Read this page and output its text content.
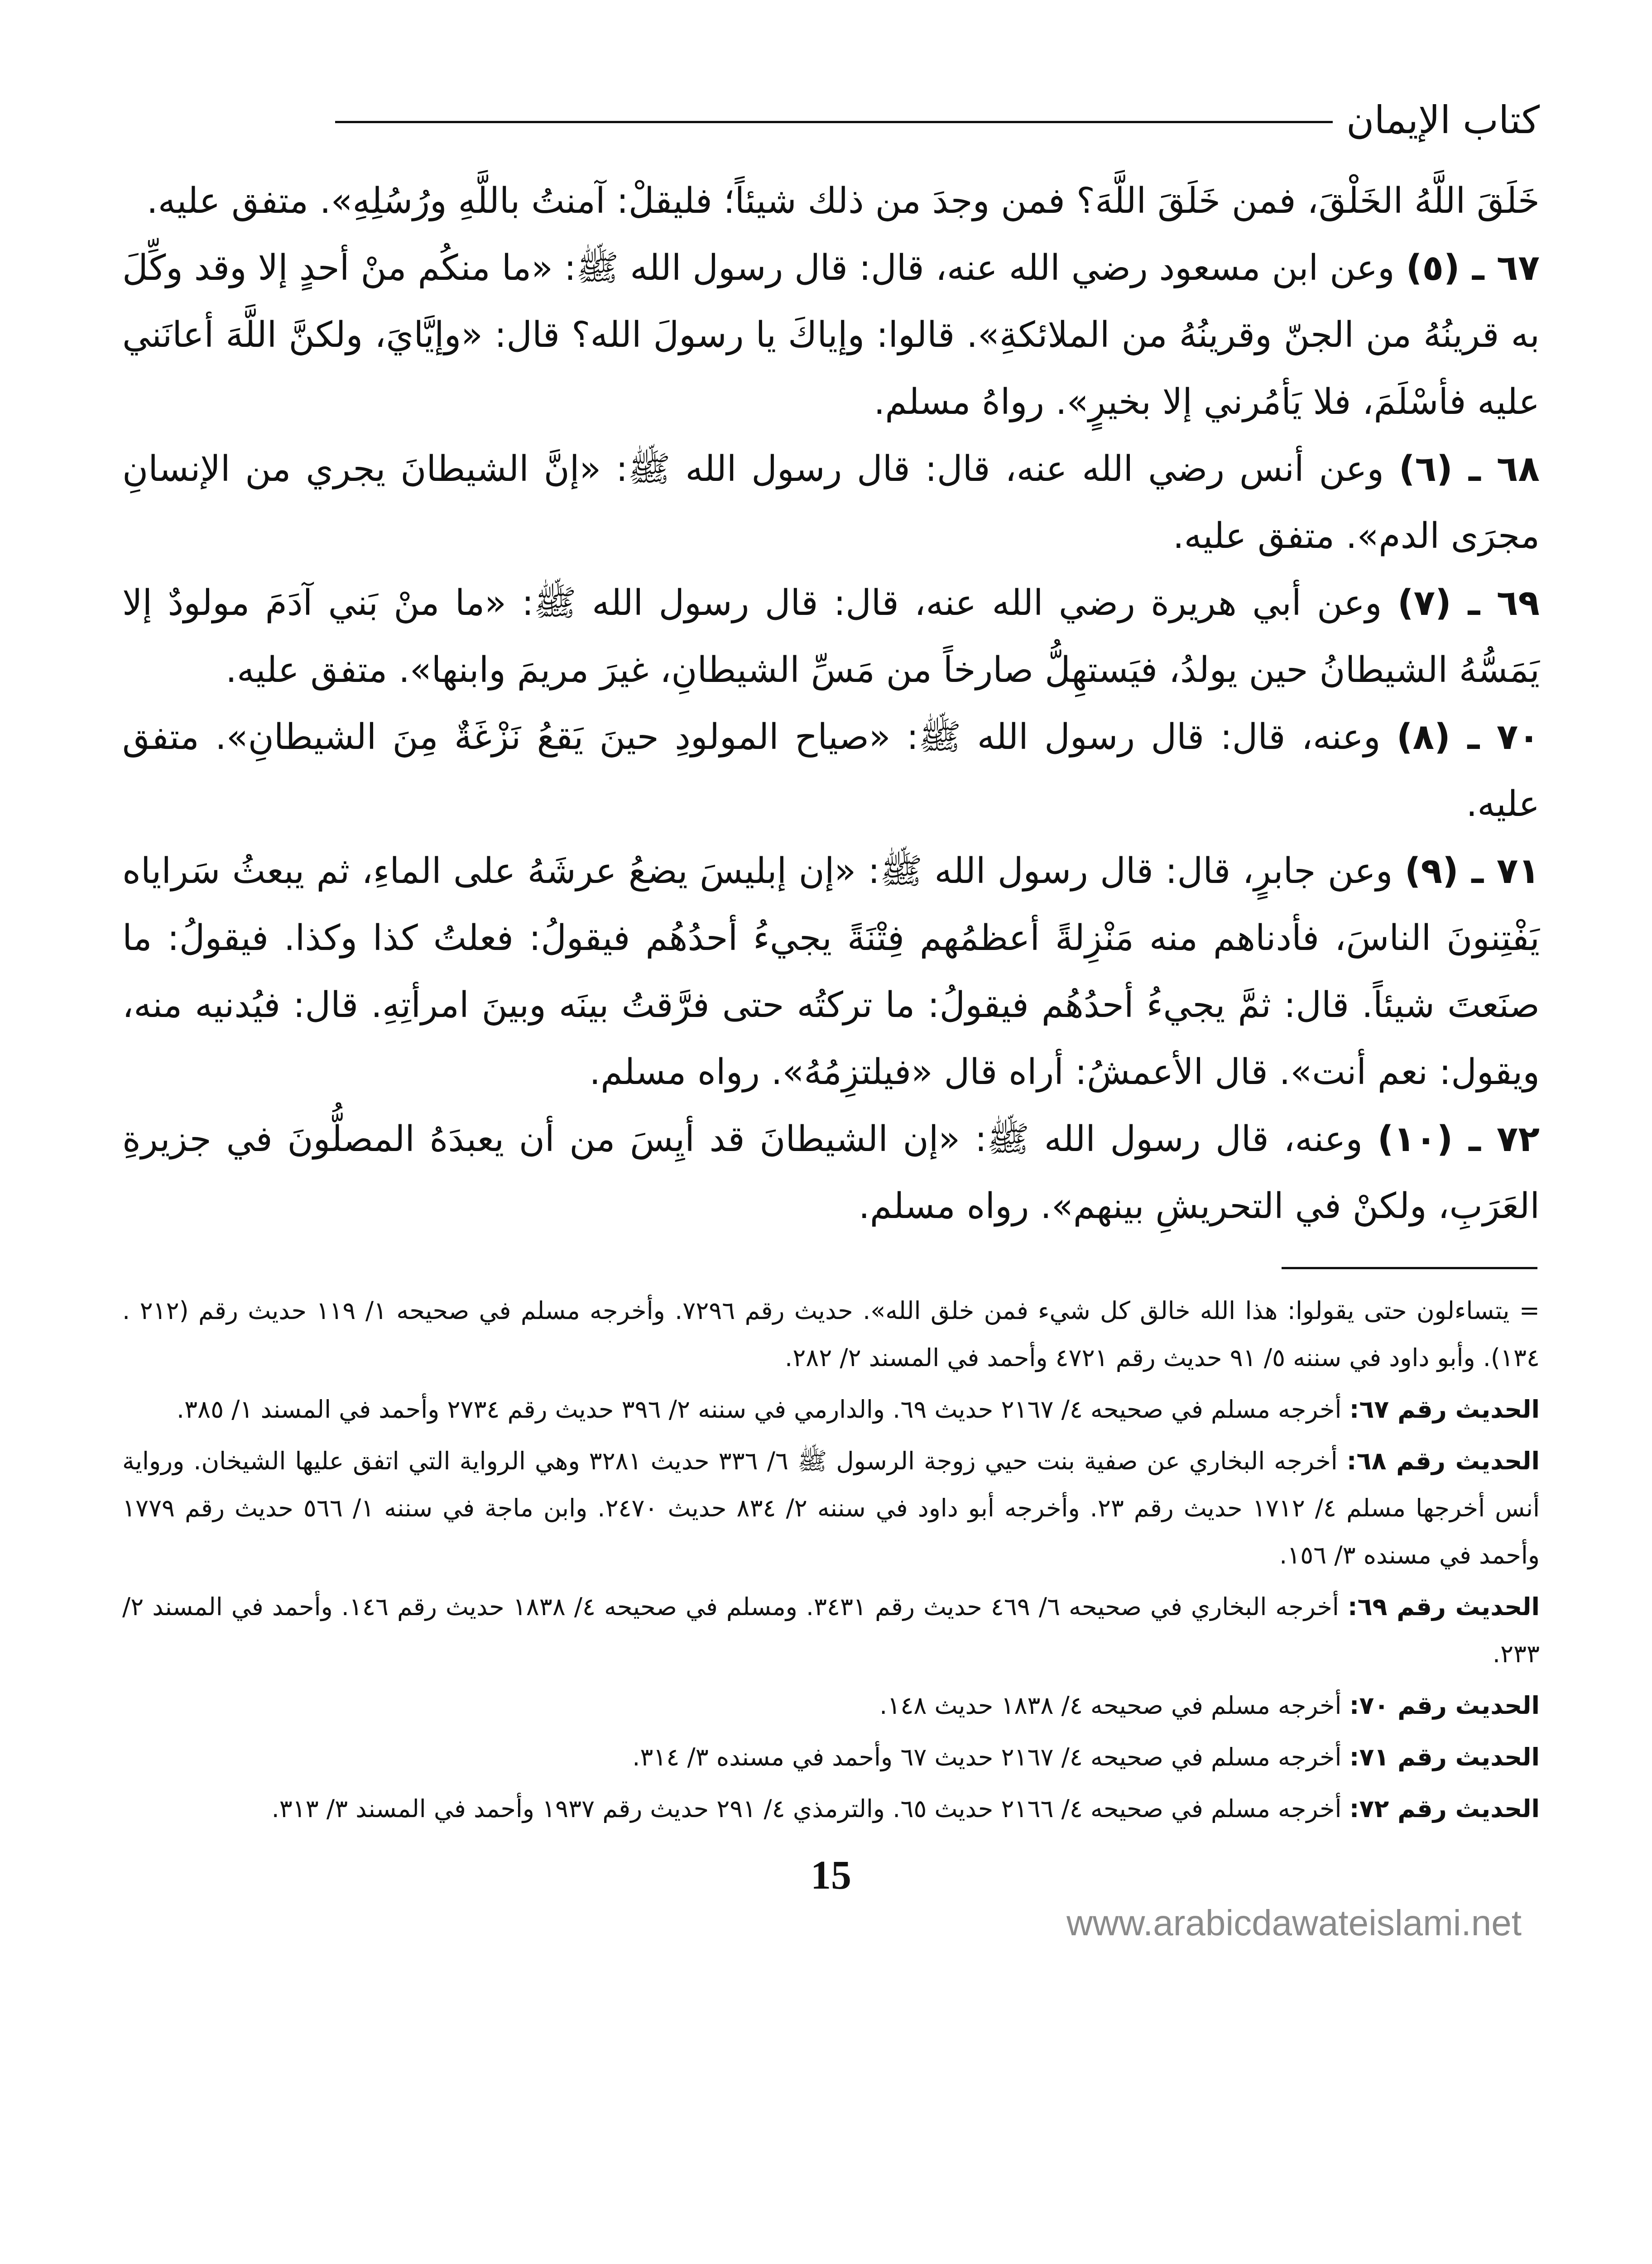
كتاب الإيمان

خَلَقَ اللَّهُ الخَلْقَ، فمن خَلَقَ اللَّهَ؟ فمن وجدَ من ذلك شيئاً؛ فليقلْ: آمنتُ باللَّهِ ورُسُلِهِ». متفق عليه.

٦٧ ـ (٥) وعن ابن مسعود رضي الله عنه، قال: قال رسول الله ﷺ: «ما منكُم منْ أحدٍ إلا وقد وكِّلَ به قرينُهُ من الجنّ وقرينُهُ من الملائكةِ». قالوا: وإياكَ يا رسولَ الله؟ قال: «وإيَّايَ، ولكنَّ اللَّهَ أعانَني عليه فأسْلَمَ، فلا يَأمُرني إلا بخيرٍ». رواهُ مسلم.

٦٨ ـ (٦) وعن أنس رضي الله عنه، قال: قال رسول الله ﷺ: «إنَّ الشيطانَ يجري من الإنسانِ مجرَى الدم». متفق عليه.

٦٩ ـ (٧) وعن أبي هريرة رضي الله عنه، قال: قال رسول الله ﷺ: «ما منْ بَني آدَمَ مولودٌ إلا يَمَسُّهُ الشيطانُ حين يولدُ، فيَستهِلُّ صارخاً من مَسِّ الشيطانِ، غيرَ مريمَ وابنها». متفق عليه.

٧٠ ـ (٨) وعنه، قال: قال رسول الله ﷺ: «صياح المولودِ حينَ يَقعُ نَزْغَةٌ مِنَ الشيطانِ». متفق عليه.

٧١ ـ (٩) وعن جابرٍ، قال: قال رسول الله ﷺ: «إن إبليسَ يضعُ عرشَهُ على الماءِ، ثم يبعثُ سَراياه يَفْتِنونَ الناسَ، فأدناهم منه مَنْزِلةً أعظمُهم فِتْنَةً يجيءُ أحدُهُم فيقولُ: فعلتُ كذا وكذا. فيقولُ: ما صنَعتَ شيئاً. قال: ثمَّ يجيءُ أحدُهُم فيقولُ: ما تركتُه حتى فرَّقتُ بينَه وبينَ امرأتِهِ. قال: فيُدنيه منه، ويقول: نعم أنت». قال الأعمشُ: أراه قال «فيلتزِمُهُ». رواه مسلم.

٧٢ ـ (١٠) وعنه، قال رسول الله ﷺ: «إن الشيطانَ قد أيِسَ من أن يعبدَهُ المصلُّونَ في جزيرةِ العَرَبِ، ولكنْ في التحريشِ بينهم». رواه مسلم.

= يتساءلون حتى يقولوا: هذا الله خالق كل شيء فمن خلق الله». حديث رقم ٧٢٩٦. وأخرجه مسلم في صحيحه ١/ ١١٩ حديث رقم (٢١٢ . ١٣٤). وأبو داود في سننه ٥/ ٩١ حديث رقم ٤٧٢١ وأحمد في المسند ٢/ ٢٨٢.

الحديث رقم ٦٧: أخرجه مسلم في صحيحه ٤/ ٢١٦٧ حديث ٦٩. والدارمي في سننه ٢/ ٣٩٦ حديث رقم ٢٧٣٤ وأحمد في المسند ١/ ٣٨٥.

الحديث رقم ٦٨: أخرجه البخاري عن صفية بنت حيي زوجة الرسول ﷺ ٦/ ٣٣٦ حديث ٣٢٨١ وهي الرواية التي اتفق عليها الشيخان. ورواية أنس أخرجها مسلم ٤/ ١٧١٢ حديث رقم ٢٣. وأخرجه أبو داود في سننه ٢/ ٨٣٤ حديث ٢٤٧٠. وابن ماجة في سننه ١/ ٥٦٦ حديث رقم ١٧٧٩ وأحمد في مسنده ٣/ ١٥٦.

الحديث رقم ٦٩: أخرجه البخاري في صحيحه ٦/ ٤٦٩ حديث رقم ٣٤٣١. ومسلم في صحيحه ٤/ ١٨٣٨ حديث رقم ١٤٦. وأحمد في المسند ٢/ ٢٣٣.

الحديث رقم ٧٠: أخرجه مسلم في صحيحه ٤/ ١٨٣٨ حديث ١٤٨.

الحديث رقم ٧١: أخرجه مسلم في صحيحه ٤/ ٢١٦٧ حديث ٦٧ وأحمد في مسنده ٣/ ٣١٤.

الحديث رقم ٧٢: أخرجه مسلم في صحيحه ٤/ ٢١٦٦ حديث ٦٥. والترمذي ٤/ ٢٩١ حديث رقم ١٩٣٧ وأحمد في المسند ٣/ ٣١٣.

15
www.arabicdawateislami.net
